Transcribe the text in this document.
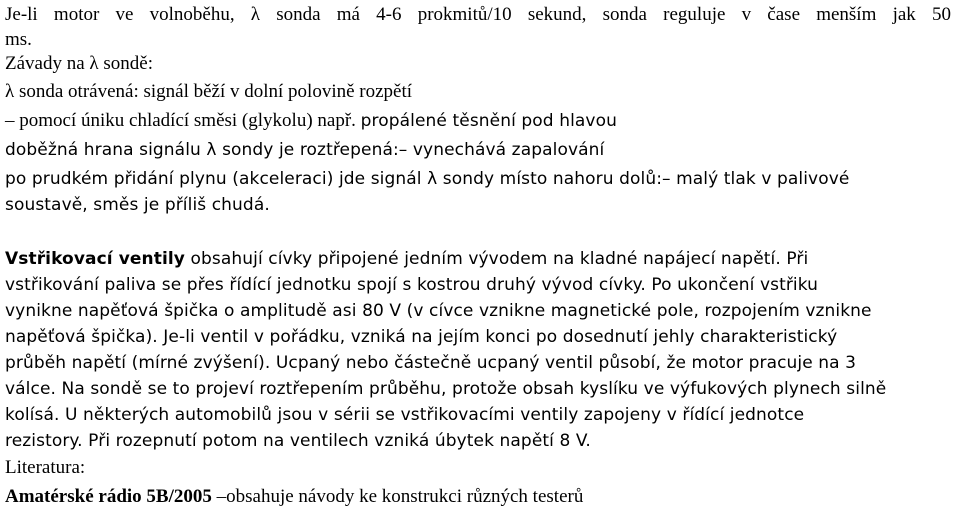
Je-li motor ve volnoběhu, λ sonda má 4-6 prokmitů/10 sekund, sonda reguluje v čase menším jak 50
ms.
Závady na λ sondě:
λ sonda otrávená: signál běží v dolní polovině rozpětí
– pomocí úniku chladící směsi (glykolu) např. propálené těsnění pod hlavou
doběžná hrana signálu λ sondy je roztřepená:– vynechává zapalování
po prudkém přidání plynu (akceleraci) jde signál λ sondy místo nahoru dolů:– malý tlak v palivové
soustavě, směs je příliš chudá.
Vstřikovací ventily obsahují cívky připojené jedním vývodem na kladné napájecí napětí. Při
vstřikování paliva se přes řídící jednotku spojí s kostrou druhý vývod cívky. Po ukončení vstřiku
vynikne napěťová špička o amplitudě asi 80 V (v cívce vznikne magnetické pole, rozpojením vznikne
napěťová špička). Je-li ventil v pořádku, vzniká na jejím konci po dosednutí jehly charakteristický
průběh napětí (mírné zvýšení). Ucpaný nebo částečně ucpaný ventil působí, že motor pracuje na 3
válce. Na sondě se to projeví roztřepením průběhu, protože obsah kyslíku ve výfukových plynech silně
kolísá. U některých automobilů jsou v sérii se vstřikovacími ventily zapojeny v řídící jednotce
rezistory. Při rozepnutí potom na ventilech vzniká úbytek napětí 8 V.
Literatura:
Amatérské rádio 5B/2005 –obsahuje návody ke konstrukci různých testerů
